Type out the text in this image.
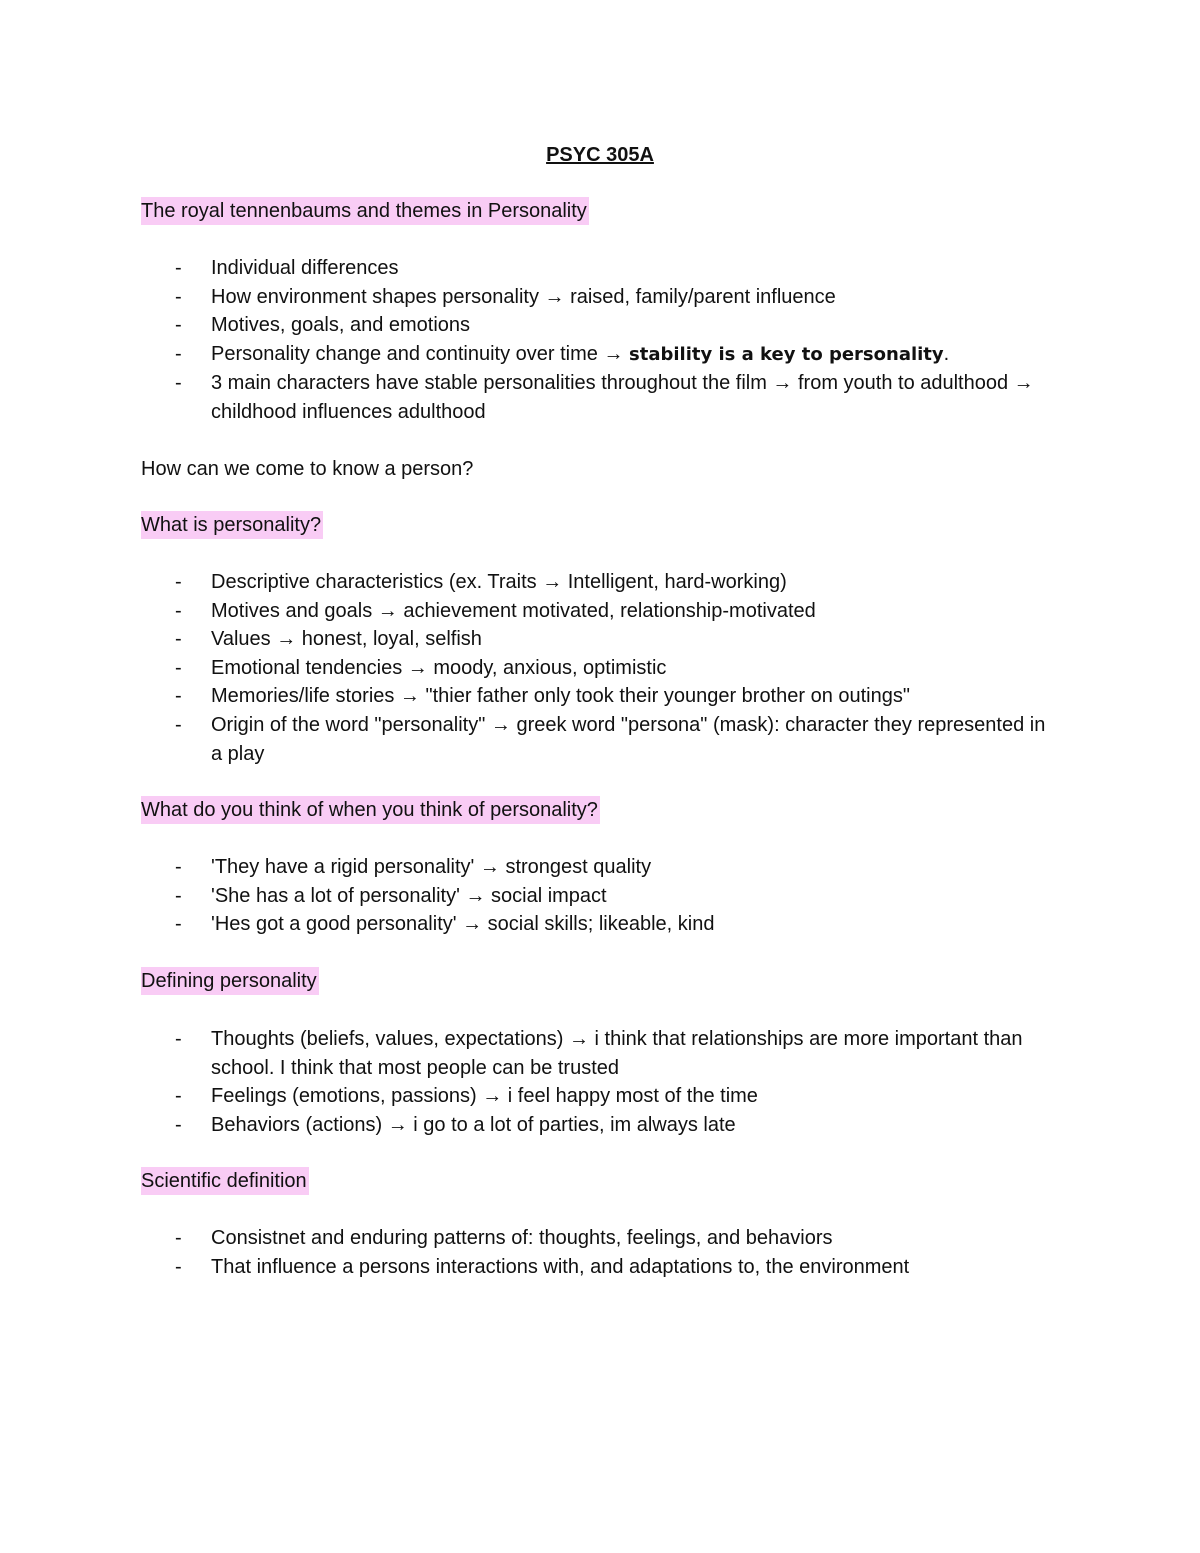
PSYC 305A
The royal tennenbaums and themes in Personality
- Individual differences
- How environment shapes personality → raised, family/parent influence
- Motives, goals, and emotions
- Personality change and continuity over time → stability is a key to personality.
- 3 main characters have stable personalities throughout the film → from youth to adulthood → childhood influences adulthood
How can we come to know a person?
What is personality?
- Descriptive characteristics (ex. Traits → Intelligent, hard-working)
- Motives and goals → achievement motivated, relationship-motivated
- Values → honest, loyal, selfish
- Emotional tendencies → moody, anxious, optimistic
- Memories/life stories → "thier father only took their younger brother on outings"
- Origin of the word "personality" → greek word "persona" (mask): character they represented in a play
What do you think of when you think of personality?
- 'They have a rigid personality' → strongest quality
- 'She has a lot of personality' → social impact
- 'Hes got a good personality' → social skills; likeable, kind
Defining personality
- Thoughts (beliefs, values, expectations) → i think that relationships are more important than school. I think that most people can be trusted
- Feelings (emotions, passions) → i feel happy most of the time
- Behaviors (actions) → i go to a lot of parties, im always late
Scientific definition
- Consistnet and enduring patterns of: thoughts, feelings, and behaviors
- That influence a persons interactions with, and adaptations to, the environment
